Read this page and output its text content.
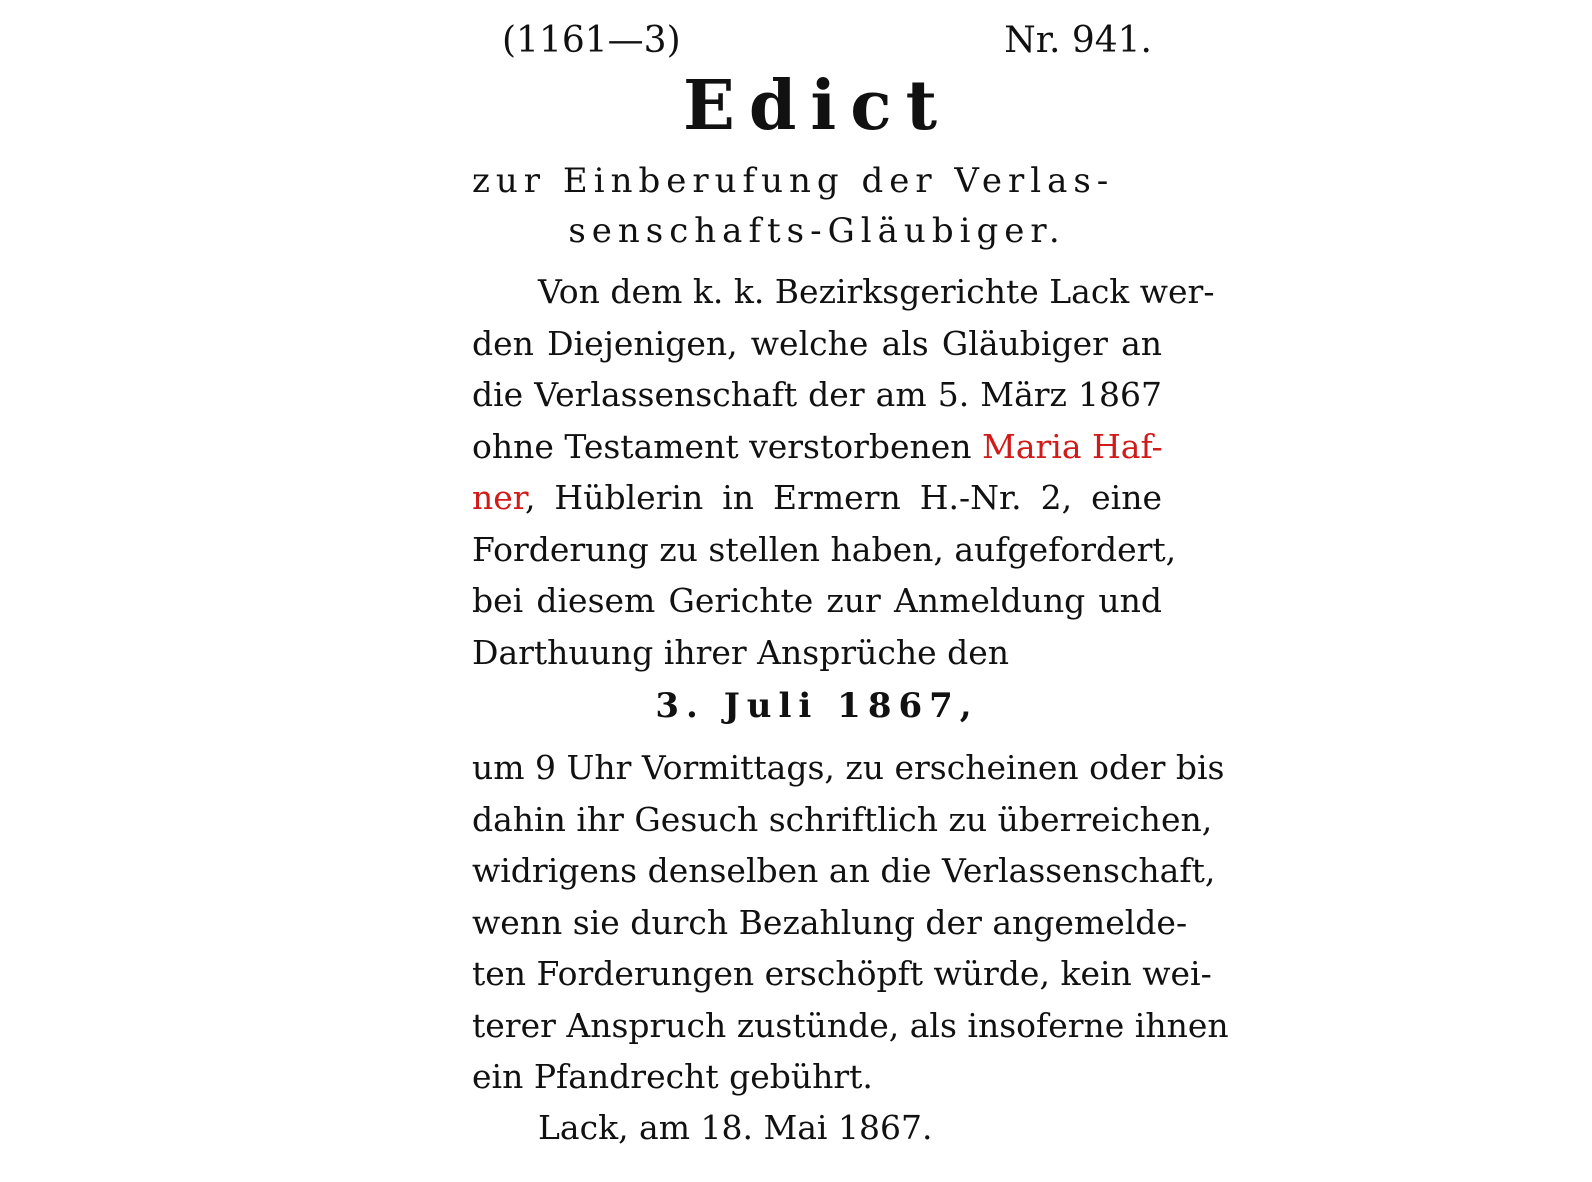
(1161—3)	Nr. 941.
Edict
zur Einberufung der Verlas-
senschafts-Gläubiger.
Von dem k. k. Bezirksgerichte Lack wer-
den Diejenigen, welche als Gläubiger an
die Verlassenschaft der am 5. März 1867
ohne Testament verstorbenen Maria Haf-
ner, Hüblerin in Ermern H.-Nr. 2, eine
Forderung zu stellen haben, aufgefordert,
bei diesem Gerichte zur Anmeldung und
Darthuung ihrer Ansprüche den
3. Juli 1867,
um 9 Uhr Vormittags, zu erscheinen oder bis
dahin ihr Gesuch schriftlich zu überreichen,
widrigens denselben an die Verlassenschaft,
wenn sie durch Bezahlung der angemelde-
ten Forderungen erschöpft würde, kein wei-
terer Anspruch zustünde, als insoferne ihnen
ein Pfandrecht gebührt.
Lack, am 18. Mai 1867.
